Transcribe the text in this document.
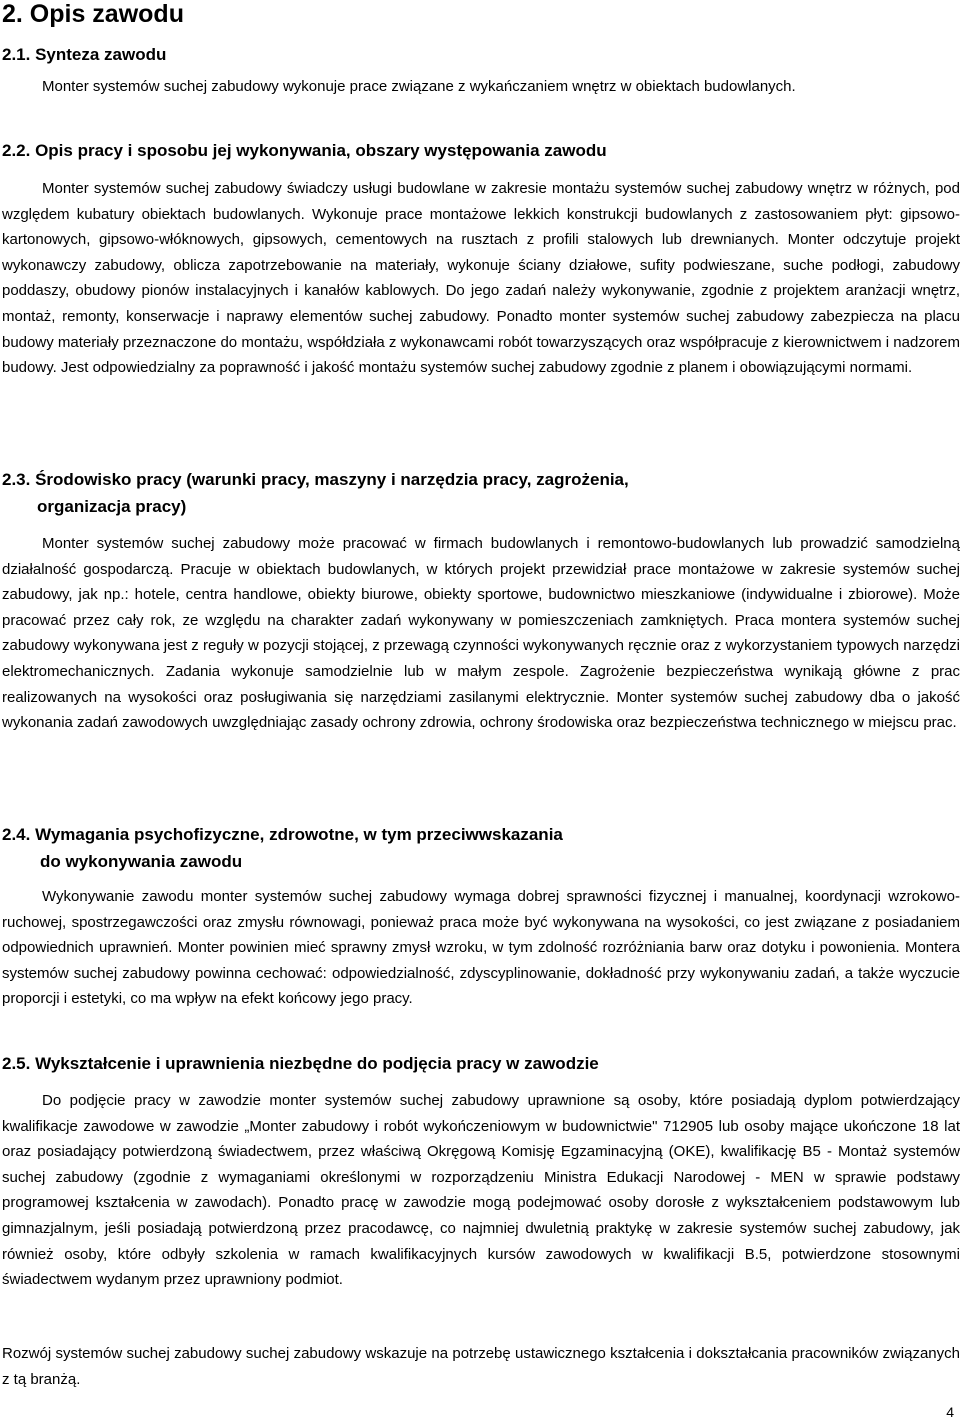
2. Opis zawodu
2.1. Synteza zawodu
Monter systemów suchej zabudowy wykonuje prace związane z wykańczaniem wnętrz w obiektach budowlanych.
2.2. Opis pracy i sposobu jej wykonywania, obszary występowania zawodu
Monter systemów suchej zabudowy świadczy usługi budowlane w zakresie montażu systemów suchej zabudowy wnętrz w różnych, pod względem kubatury obiektach budowlanych. Wykonuje prace montażowe lekkich konstrukcji budowlanych z zastosowaniem płyt: gipsowo-kartonowych, gipsowo-włóknowych, gipsowych, cementowych na rusztach z profili stalowych lub drewnianych. Monter odczytuje projekt wykonawczy zabudowy, oblicza zapotrzebowanie na materiały, wykonuje ściany działowe, sufity podwieszane, suche podłogi, zabudowy poddaszy, obudowy pionów instalacyjnych i kanałów kablowych. Do jego zadań należy wykonywanie, zgodnie z projektem aranżacji wnętrz, montaż, remonty, konserwacje i naprawy elementów suchej zabudowy. Ponadto monter systemów suchej zabudowy zabezpiecza na placu budowy materiały przeznaczone do montażu, współdziała z wykonawcami robót towarzyszących oraz współpracuje z kierownictwem i nadzorem budowy. Jest odpowiedzialny za poprawność i jakość montażu systemów suchej zabudowy zgodnie z planem i obowiązującymi normami.
2.3. Środowisko pracy (warunki pracy, maszyny i narzędzia pracy, zagrożenia,
organizacja pracy)
Monter systemów suchej zabudowy może pracować w firmach budowlanych i remontowo-budowlanych lub prowadzić samodzielną działalność gospodarczą. Pracuje w obiektach budowlanych, w których projekt przewidział prace montażowe w zakresie systemów suchej zabudowy, jak np.: hotele, centra handlowe, obiekty biurowe, obiekty sportowe, budownictwo mieszkaniowe (indywidualne i zbiorowe). Może pracować przez cały rok, ze względu na charakter zadań wykonywany w pomieszczeniach zamkniętych. Praca montera systemów suchej zabudowy wykonywana jest z reguły w pozycji stojącej, z przewagą czynności wykonywanych ręcznie oraz z wykorzystaniem typowych narzędzi elektromechanicznych. Zadania wykonuje samodzielnie lub w małym zespole. Zagrożenie bezpieczeństwa wynikają główne z prac realizowanych na wysokości oraz posługiwania się narzędziami zasilanymi elektrycznie. Monter systemów suchej zabudowy dba o jakość wykonania zadań zawodowych uwzględniając zasady ochrony zdrowia, ochrony środowiska oraz bezpieczeństwa technicznego w miejscu prac.
2.4. Wymagania psychofizyczne, zdrowotne, w tym przeciwwskazania
do wykonywania zawodu
Wykonywanie zawodu monter systemów suchej zabudowy wymaga dobrej sprawności fizycznej i manualnej, koordynacji wzrokowo-ruchowej, spostrzegawczości oraz zmysłu równowagi, ponieważ praca może być wykonywana na wysokości, co jest związane z posiadaniem odpowiednich uprawnień. Monter powinien mieć sprawny zmysł wzroku, w tym zdolność rozróżniania barw oraz dotyku i powonienia. Montera systemów suchej zabudowy powinna cechować: odpowiedzialność, zdyscyplinowanie, dokładność przy wykonywaniu zadań, a także wyczucie proporcji i estetyki, co ma wpływ na efekt końcowy jego pracy.
2.5. Wykształcenie i uprawnienia niezbędne do podjęcia pracy w zawodzie
Do podjęcie pracy w zawodzie monter systemów suchej zabudowy uprawnione są osoby, które posiadają dyplom potwierdzający kwalifikacje zawodowe w zawodzie „Monter zabudowy i robót wykończeniowym w budownictwie" 712905 lub osoby mające ukończone 18 lat oraz posiadający potwierdzoną świadectwem, przez właściwą Okręgową Komisję Egzaminacyjną (OKE), kwalifikację B5 - Montaż systemów suchej zabudowy (zgodnie z wymaganiami określonymi w rozporządzeniu Ministra Edukacji Narodowej - MEN w sprawie podstawy programowej kształcenia w zawodach). Ponadto pracę w zawodzie mogą podejmować osoby dorosłe z wykształceniem podstawowym lub gimnazjalnym, jeśli posiadają potwierdzoną przez pracodawcę, co najmniej dwuletnią praktykę w zakresie systemów suchej zabudowy, jak również osoby, które odbyły szkolenia w ramach kwalifikacyjnych kursów zawodowych w kwalifikacji B.5, potwierdzone stosownymi świadectwem wydanym przez uprawniony podmiot.
Rozwój systemów suchej zabudowy suchej zabudowy wskazuje na potrzebę ustawicznego kształcenia i dokształcania pracowników związanych z tą branżą.
4
